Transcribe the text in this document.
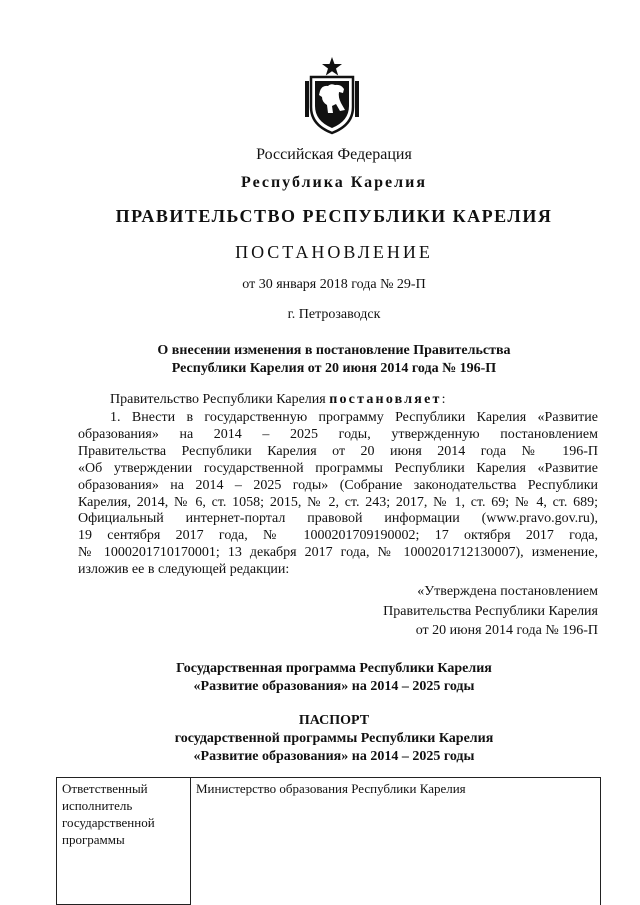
Российская Федерация
Республика Карелия
ПРАВИТЕЛЬСТВО РЕСПУБЛИКИ КАРЕЛИЯ
ПОСТАНОВЛЕНИЕ
от 30 января 2018 года № 29-П
г. Петрозаводск
О внесении изменения в постановление Правительства
Республики Карелия от 20 июня 2014 года № 196-П
Правительство Республики Карелия постановляет:
1. Внести в государственную программу Республики Карелия «Развитие
образования» на 2014 – 2025 годы, утвержденную постановлением
Правительства Республики Карелия от 20 июня 2014 года № 196-П
«Об утверждении государственной программы Республики Карелия «Развитие
образования» на 2014 – 2025 годы» (Собрание законодательства Республики
Карелия, 2014, № 6, ст. 1058; 2015, № 2, ст. 243; 2017, № 1, ст. 69; № 4, ст. 689;
Официальный интернет-портал правовой информации (www.pravo.gov.ru),
19 сентября 2017 года, № 1000201709190002; 17 октября 2017 года,
№ 1000201710170001; 13 декабря 2017 года, № 1000201712130007), изменение,
изложив ее в следующей редакции:
«Утверждена постановлением
Правительства Республики Карелия
от 20 июня 2014 года № 196-П
Государственная программа Республики Карелия
«Развитие образования» на 2014 – 2025 годы
ПАСПОРТ
государственной программы Республики Карелия
«Развитие образования» на 2014 – 2025 годы
Ответственный
исполнитель
государственной
программы
	Министерство образования Республики Карелия
